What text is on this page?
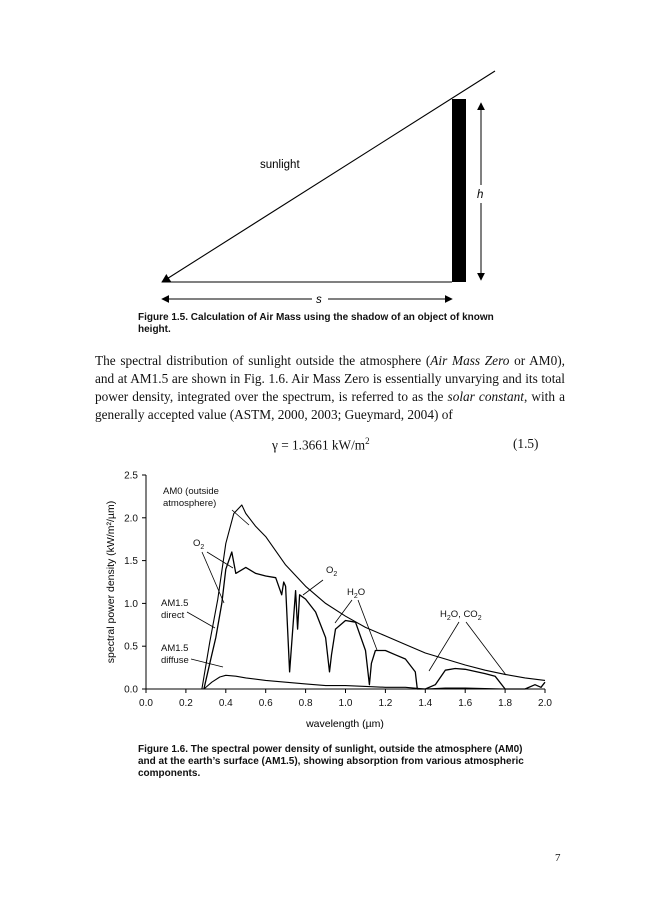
sunlight
h
s
Figure 1.5. Calculation of Air Mass using the shadow of an object of known
height.

The spectral distribution of sunlight outside the atmosphere (Air Mass Zero or AM0), and at AM1.5 are shown in Fig. 1.6. Air Mass Zero is essentially unvarying and its total power density, integrated over the spectrum, is referred to as the solar constant, with a generally accepted value (ASTM, 2000, 2003; Gueymard, 2004) of

γ = 1.3661 $kW/m^2$	(1.5)
0.0	0.2	0.4	0.6	0.8	1.0	1.2	1.4	1.6	1.8	2.0
0.0
0.5
1.0
1.5
2.0
2.5
AM0 (outside
atmosphere)
$O_2$
$O_2$
$H_2O$
AM1.5
direct
AM1.5
diffuse
$H_2O$, $CO_2$
wavelength (µm)
spectral power density (kW/m²/µm)
Figure 1.6. The spectral power density of sunlight, outside the atmosphere (AM0)
and at the earth’s surface (AM1.5), showing absorption from various atmospheric
components.
7
